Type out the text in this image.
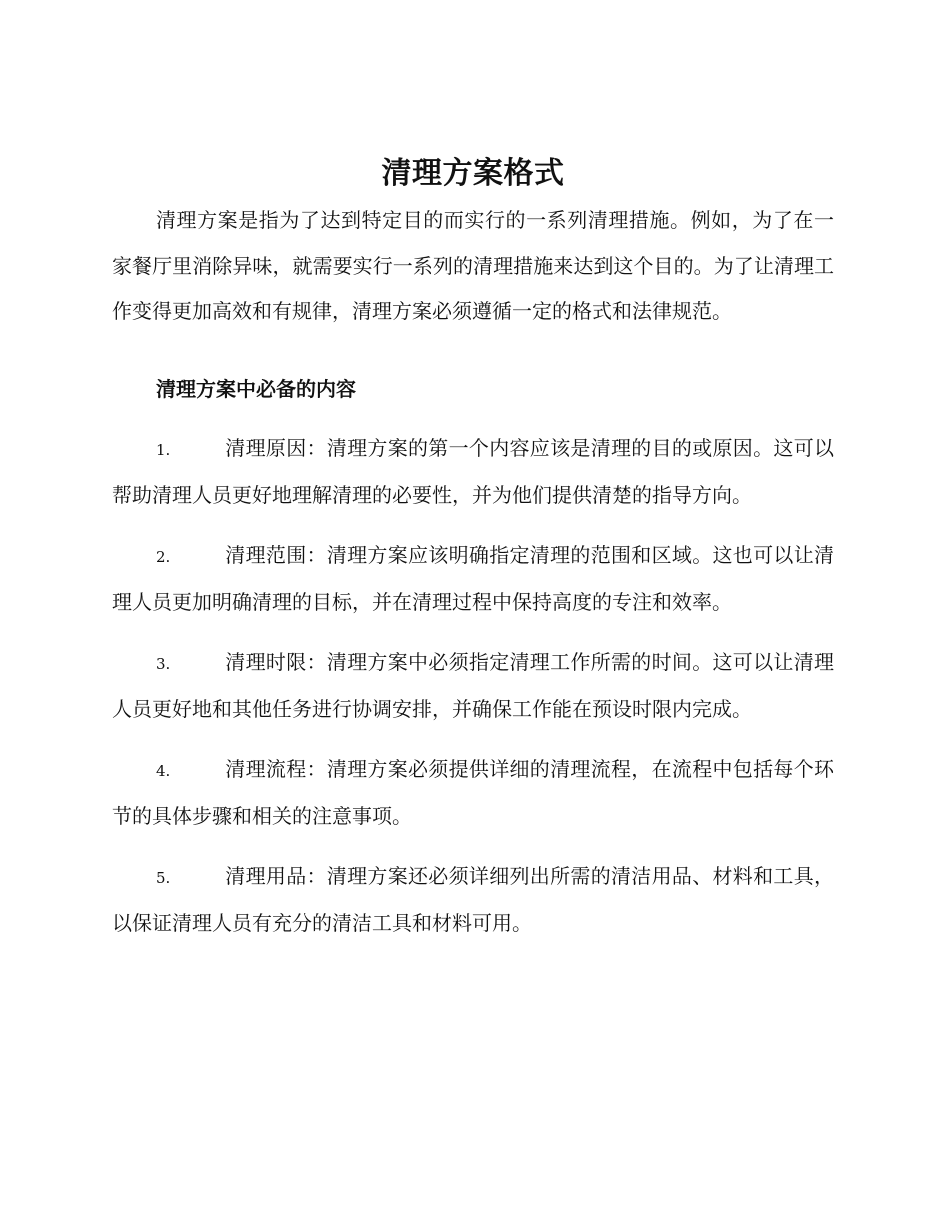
清理方案格式

清理方案是指为了达到特定目的而实行的一系列清理措施。例如，为了在一家餐厅里消除异味，就需要实行一系列的清理措施来达到这个目的。为了让清理工作变得更加高效和有规律，清理方案必须遵循一定的格式和法律规范。

清理方案中必备的内容
1.	清理原因：清理方案的第一个内容应该是清理的目的或原因。这可以帮助清理人员更好地理解清理的必要性，并为他们提供清楚的指导方向。
2.	清理范围：清理方案应该明确指定清理的范围和区域。这也可以让清理人员更加明确清理的目标，并在清理过程中保持高度的专注和效率。
3.	清理时限：清理方案中必须指定清理工作所需的时间。这可以让清理人员更好地和其他任务进行协调安排，并确保工作能在预设时限内完成。
4.	清理流程：清理方案必须提供详细的清理流程，在流程中包括每个环节的具体步骤和相关的注意事项。
5.	清理用品：清理方案还必须详细列出所需的清洁用品、材料和工具，以保证清理人员有充分的清洁工具和材料可用。
